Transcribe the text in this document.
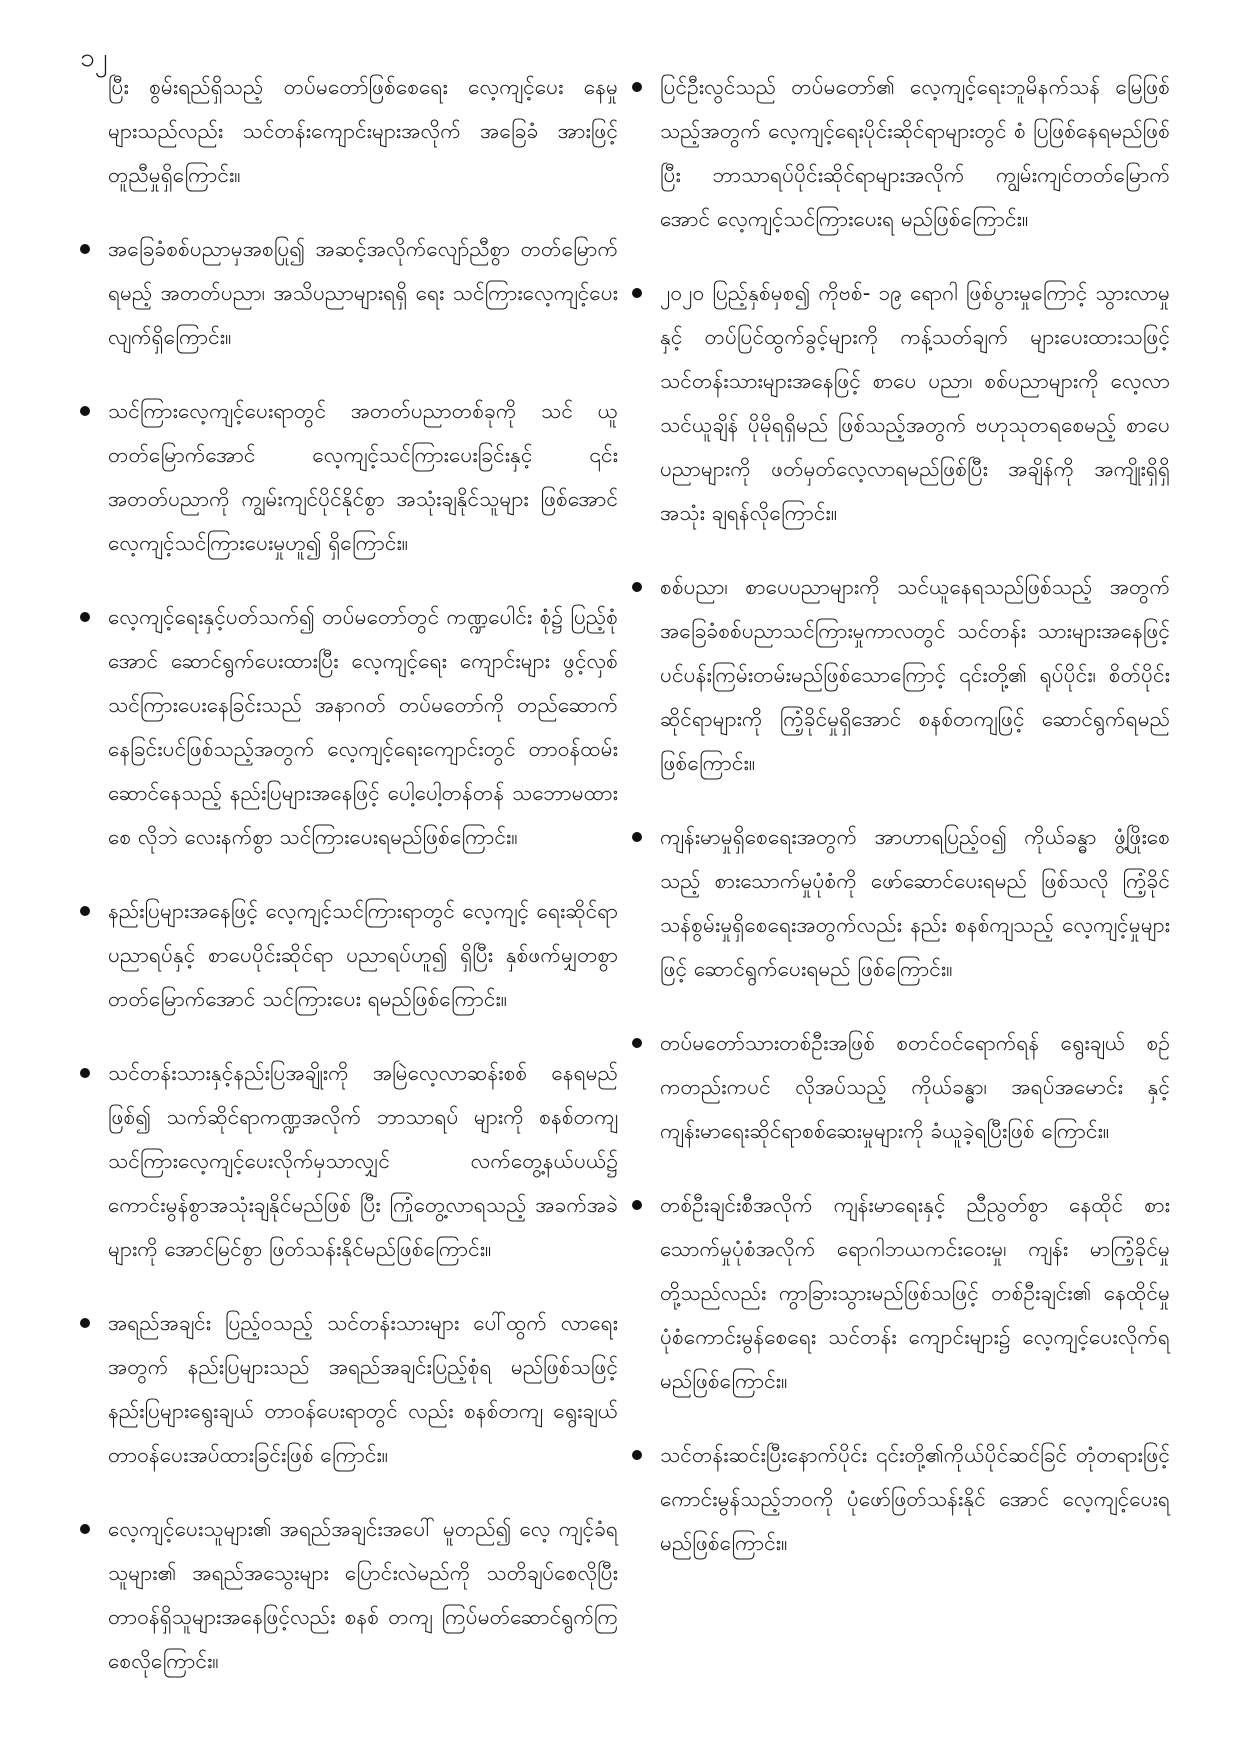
၁၂

ပြီး စွမ်းရည်ရှိသည့် တပ်မတော်ဖြစ်စေရေး လေ့ကျင့်ပေး နေမှုများသည်လည်း သင်တန်းကျောင်းများအလိုက် အခြေခံ အားဖြင့် တူညီမှုရှိကြောင်း။

အခြေခံစစ်ပညာမှအစပြု၍ အဆင့်အလိုက်လျော်ညီစွာ တတ်မြောက်ရမည့် အတတ်ပညာ၊ အသိပညာများရရှိ ရေး သင်ကြားလေ့ကျင့်ပေးလျက်ရှိကြောင်း။
သင်ကြားလေ့ကျင့်ပေးရာတွင် အတတ်ပညာတစ်ခုကို သင် ယူတတ်မြောက်အောင် လေ့ကျင့်သင်ကြားပေးခြင်းနှင့် ၎င်း အတတ်ပညာကို ကျွမ်းကျင်ပိုင်နိုင်စွာ အသုံးချနိုင်သူများ ဖြစ်အောင်လေ့ကျင့်သင်ကြားပေးမှုဟူ၍ ရှိကြောင်း။
လေ့ကျင့်ရေးနှင့်ပတ်သက်၍ တပ်မတော်တွင် ကဏ္ဍပေါင်း စုံ၌ ပြည့်စုံအောင် ဆောင်ရွက်ပေးထားပြီး လေ့ကျင့်ရေး ကျောင်းများ ဖွင့်လှစ်သင်ကြားပေးနေခြင်းသည် အနာဂတ် တပ်မတော်ကို တည်ဆောက်နေခြင်းပင်ဖြစ်သည့်အတွက် လေ့ကျင့်ရေးကျောင်းတွင် တာဝန်ထမ်းဆောင်နေသည့် နည်းပြများအနေဖြင့် ပေါ့ပေါ့တန်တန် သဘောမထားစေ လိုဘဲ လေးနက်စွာ သင်ကြားပေးရမည်ဖြစ်ကြောင်း။
နည်းပြများအနေဖြင့် လေ့ကျင့်သင်ကြားရာတွင် လေ့ကျင့် ရေးဆိုင်ရာပညာရပ်နှင့် စာပေပိုင်းဆိုင်ရာ ပညာရပ်ဟူ၍ ရှိပြီး နှစ်ဖက်မျှတစွာ တတ်မြောက်အောင် သင်ကြားပေး ရမည်ဖြစ်ကြောင်း။
သင်တန်းသားနှင့်နည်းပြအချိုးကို အမြဲလေ့လာဆန်းစစ် နေရမည်ဖြစ်၍ သက်ဆိုင်ရာကဏ္ဍအလိုက် ဘာသာရပ် များကို စနစ်တကျသင်ကြားလေ့ကျင့်ပေးလိုက်မှသာလျှင် လက်တွေ့နယ်ပယ်၌ ကောင်းမွန်စွာအသုံးချနိုင်မည်ဖြစ် ပြီး ကြုံတွေ့လာရသည့် အခက်အခဲများကို အောင်မြင်စွာ ဖြတ်သန်းနိုင်မည်ဖြစ်ကြောင်း။
အရည်အချင်း ပြည့်ဝသည့် သင်တန်းသားများ ပေါ်ထွက် လာရေးအတွက် နည်းပြများသည် အရည်အချင်းပြည့်စုံရ မည်ဖြစ်သဖြင့် နည်းပြများရွေးချယ် တာဝန်ပေးရာတွင် လည်း စနစ်တကျ ရွေးချယ်တာဝန်ပေးအပ်ထားခြင်းဖြစ် ကြောင်း။
လေ့ကျင့်ပေးသူများ၏ အရည်အချင်းအပေါ် မူတည်၍ လေ့ ကျင့်ခံရသူများ၏ အရည်အသွေးများ ပြောင်းလဲမည်ကို သတိချပ်စေလိုပြီး တာဝန်ရှိသူများအနေဖြင့်လည်း စနစ် တကျ ကြပ်မတ်ဆောင်ရွက်ကြစေလိုကြောင်း။
ပြင်ဦးလွင်သည် တပ်မတော်၏ လေ့ကျင့်ရေးဘူမိနက်သန် မြေဖြစ်သည့်အတွက် လေ့ကျင့်ရေးပိုင်းဆိုင်ရာများတွင် စံ ပြဖြစ်နေရမည်ဖြစ်ပြီး ဘာသာရပ်ပိုင်းဆိုင်ရာများအလိုက် ကျွမ်းကျင်တတ်မြောက်အောင် လေ့ကျင့်သင်ကြားပေးရ မည်ဖြစ်ကြောင်း။
၂၀၂၀ ပြည့်နှစ်မှစ၍ ကိုဗစ်- ၁၉ ရောဂါ ဖြစ်ပွားမှုကြောင့် သွားလာမှုနှင့် တပ်ပြင်ထွက်ခွင့်များကို ကန့်သတ်ချက် များပေးထားသဖြင့် သင်တန်းသားများအနေဖြင့် စာပေ ပညာ၊ စစ်ပညာများကို လေ့လာသင်ယူချိန် ပိုမိုရရှိမည် ဖြစ်သည့်အတွက် ဗဟုသုတရစေမည့် စာပေပညာများကို ဖတ်မှတ်လေ့လာရမည်ဖြစ်ပြီး အချိန်ကို အကျိုးရှိရှိ အသုံး ချရန်လိုကြောင်း။
စစ်ပညာ၊ စာပေပညာများကို သင်ယူနေရသည်ဖြစ်သည့် အတွက် အခြေခံစစ်ပညာသင်ကြားမှုကာလတွင် သင်တန်း သားများအနေဖြင့် ပင်ပန်းကြမ်းတမ်းမည်ဖြစ်သောကြောင့် ၎င်းတို့၏ ရုပ်ပိုင်း၊ စိတ်ပိုင်းဆိုင်ရာများကို ကြံ့ခိုင်မှုရှိအောင် စနစ်တကျဖြင့် ဆောင်ရွက်ရမည်ဖြစ်ကြောင်း။
ကျန်းမာမှုရှိစေရေးအတွက် အာဟာရပြည့်ဝ၍ ကိုယ်ခန္ဓာ ဖွံ့ဖြိုးစေသည့် စားသောက်မှုပုံစံကို ဖော်ဆောင်ပေးရမည် ဖြစ်သလို ကြံ့ခိုင်သန်စွမ်းမှုရှိစေရေးအတွက်လည်း နည်း စနစ်ကျသည့် လေ့ကျင့်မှုများဖြင့် ဆောင်ရွက်ပေးရမည် ဖြစ်ကြောင်း။
တပ်မတော်သားတစ်ဦးအဖြစ် စတင်ဝင်ရောက်ရန် ရွေးချယ် စဉ်ကတည်းကပင် လိုအပ်သည့် ကိုယ်ခန္ဓာ၊ အရပ်အမောင်း နှင့် ကျန်းမာရေးဆိုင်ရာစစ်ဆေးမှုများကို ခံယူခဲ့ရပြီးဖြစ် ကြောင်း။
တစ်ဦးချင်းစီအလိုက် ကျန်းမာရေးနှင့် ညီညွတ်စွာ နေထိုင် စားသောက်မှုပုံစံအလိုက် ရောဂါဘယကင်းဝေးမှု၊ ကျန်း မာကြံ့ခိုင်မှုတို့သည်လည်း ကွာခြားသွားမည်ဖြစ်သဖြင့် တစ်ဦးချင်း၏ နေထိုင်မှုပုံစံကောင်းမွန်စေရေး သင်တန်း ကျောင်းများ၌ လေ့ကျင့်ပေးလိုက်ရမည်ဖြစ်ကြောင်း။
သင်တန်းဆင်းပြီးနောက်ပိုင်း ၎င်းတို့၏ကိုယ်ပိုင်ဆင်ခြင် တုံတရားဖြင့် ကောင်းမွန်သည့်ဘဝကို ပုံဖော်ဖြတ်သန်းနိုင် အောင် လေ့ကျင့်ပေးရမည်ဖြစ်ကြောင်း။
